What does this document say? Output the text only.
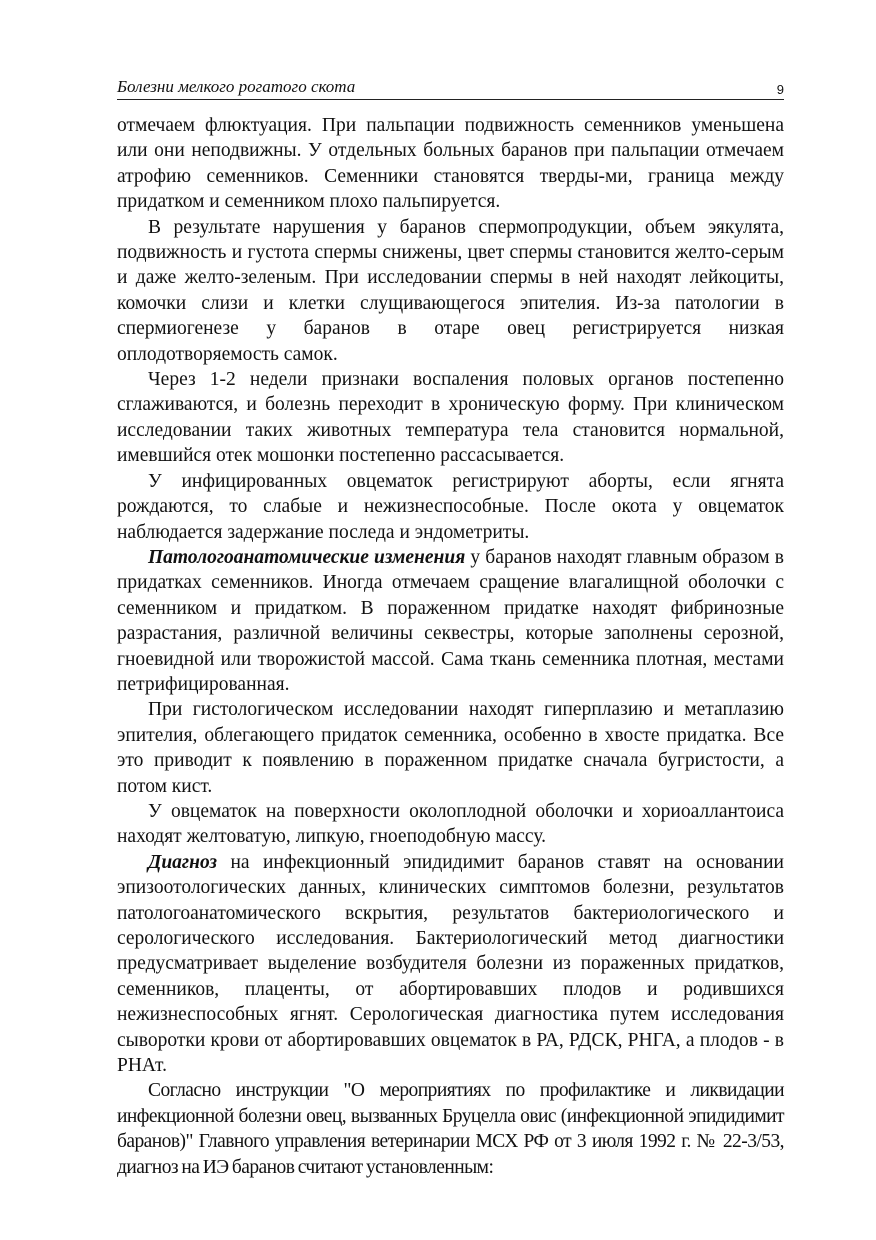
Болезни мелкого рогатого скота	9

отмечаем флюктуация. При пальпации подвижность семенников уменьшена или они неподвижны. У отдельных больных баранов при пальпации отмечаем атрофию семенников. Семенники становятся тверды-ми, граница между придатком и семенником плохо пальпируется.

В результате нарушения у баранов спермопродукции, объем эякулята, подвижность и густота спермы снижены, цвет спермы становится желто-серым и даже желто-зеленым. При исследовании спермы в ней находят лейкоциты, комочки слизи и клетки слущивающегося эпителия. Из-за патологии в спермиогенезе у баранов в отаре овец регистрируется низкая оплодотворяемость самок.

Через 1-2 недели признаки воспаления половых органов постепенно сглаживаются, и болезнь переходит в хроническую форму. При клиническом исследовании таких животных температура тела становится нормальной, имевшийся отек мошонки постепенно рассасывается.

У инфицированных овцематок регистрируют аборты, если ягнята рождаются, то слабые и нежизнеспособные. После окота у овцематок наблюдается задержание последа и эндометриты.

Патологоанатомические изменения у баранов находят главным образом в придатках семенников. Иногда отмечаем сращение влагалищной оболочки с семенником и придатком. В пораженном придатке находят фибринозные разрастания, различной величины секвестры, которые заполнены серозной, гноевидной или творожистой массой. Сама ткань семенника плотная, местами петрифицированная.

При гистологическом исследовании находят гиперплазию и метаплазию эпителия, облегающего придаток семенника, особенно в хвосте придатка. Все это приводит к появлению в пораженном придатке сначала бугристости, а потом кист.

У овцематок на поверхности околоплодной оболочки и хориоаллантоиса находят желтоватую, липкую, гноеподобную массу.

Диагноз на инфекционный эпидидимит баранов ставят на основании эпизоотологических данных, клинических симптомов болезни, результатов патологоанатомического вскрытия, результатов бактериологического и серологического исследования. Бактериологический метод диагностики предусматривает выделение возбудителя болезни из пораженных придатков, семенников, плаценты, от абортировавших плодов и родившихся нежизнеспособных ягнят. Серологическая диагностика путем исследования сыворотки крови от абортировавших овцематок в РА, РДСК, РНГА, а плодов - в РНАт.

Согласно инструкции "О мероприятиях по профилактике и ликвидации инфекционной болезни овец, вызванных Бруцелла овис (инфекционной эпидидимит баранов)" Главного управления ветеринарии МСХ РФ от 3 июля 1992 г. № 22-3/53, диагноз на ИЭ баранов считают установленным:
